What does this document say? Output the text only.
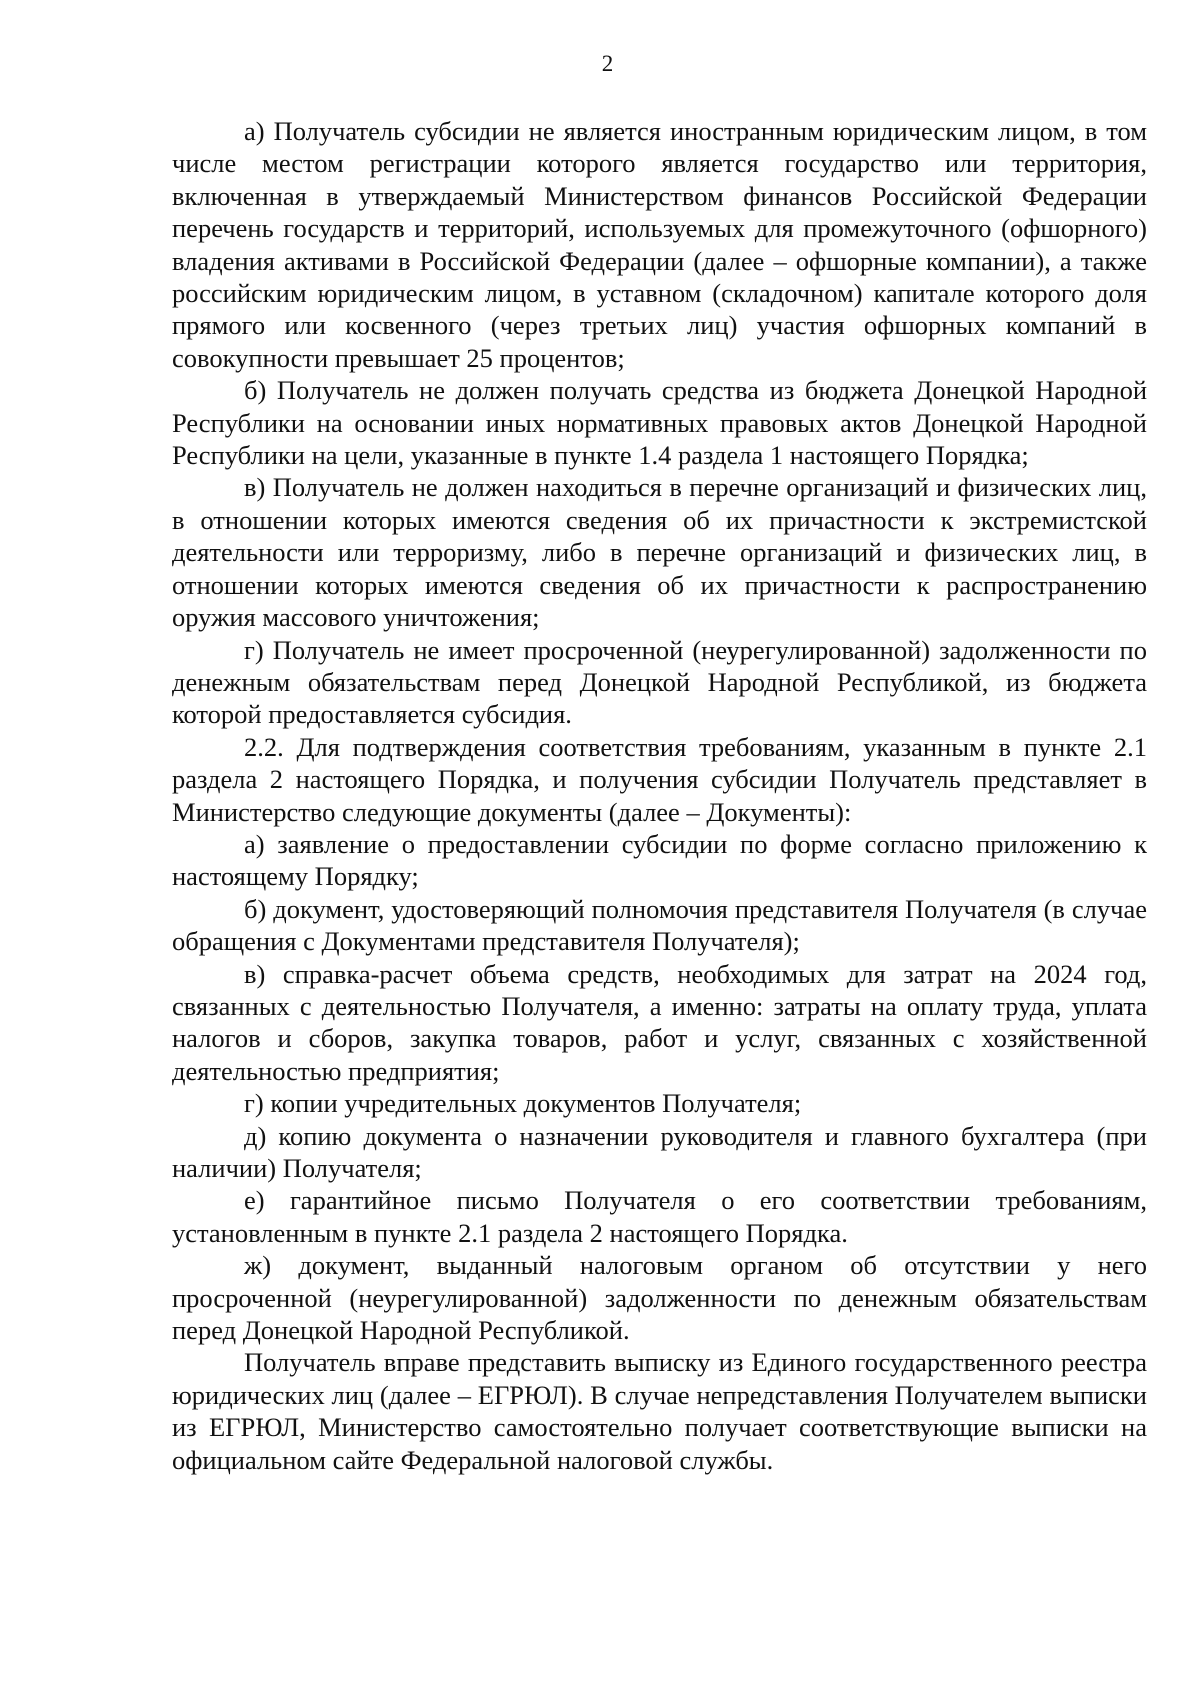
2

а) Получатель субсидии не является иностранным юридическим лицом, в том числе местом регистрации которого является государство или территория, включенная в утверждаемый Министерством финансов Российской Федерации перечень государств и территорий, используемых для промежуточного (офшорного) владения активами в Российской Федерации (далее – офшорные компании), а также российским юридическим лицом, в уставном (складочном) капитале которого доля прямого или косвенного (через третьих лиц) участия офшорных компаний в совокупности превышает 25 процентов;

б) Получатель не должен получать средства из бюджета Донецкой Народной Республики на основании иных нормативных правовых актов Донецкой Народной Республики на цели, указанные в пункте 1.4 раздела 1 настоящего Порядка;

в) Получатель не должен находиться в перечне организаций и физических лиц, в отношении которых имеются сведения об их причастности к экстремистской деятельности или терроризму, либо в перечне организаций и физических лиц, в отношении которых имеются сведения об их причастности к распространению оружия массового уничтожения;

г) Получатель не имеет просроченной (неурегулированной) задолженности по денежным обязательствам перед Донецкой Народной Республикой, из бюджета которой предоставляется субсидия.

2.2. Для подтверждения соответствия требованиям, указанным в пункте 2.1 раздела 2 настоящего Порядка, и получения субсидии Получатель представляет в Министерство следующие документы (далее – Документы):

а) заявление о предоставлении субсидии по форме согласно приложению к настоящему Порядку;

б) документ, удостоверяющий полномочия представителя Получателя (в случае обращения с Документами представителя Получателя);

в) справка-расчет объема средств, необходимых для затрат на 2024 год, связанных с деятельностью Получателя, а именно: затраты на оплату труда, уплата налогов и сборов, закупка товаров, работ и услуг, связанных с хозяйственной деятельностью предприятия;

г) копии учредительных документов Получателя;

д) копию документа о назначении руководителя и главного бухгалтера (при наличии) Получателя;

е) гарантийное письмо Получателя о его соответствии требованиям, установленным в пункте 2.1 раздела 2 настоящего Порядка.

ж) документ, выданный налоговым органом об отсутствии у него просроченной (неурегулированной) задолженности по денежным обязательствам перед Донецкой Народной Республикой.

Получатель вправе представить выписку из Единого государственного реестра юридических лиц (далее – ЕГРЮЛ). В случае непредставления Получателем выписки из ЕГРЮЛ, Министерство самостоятельно получает соответствующие выписки на официальном сайте Федеральной налоговой службы.
